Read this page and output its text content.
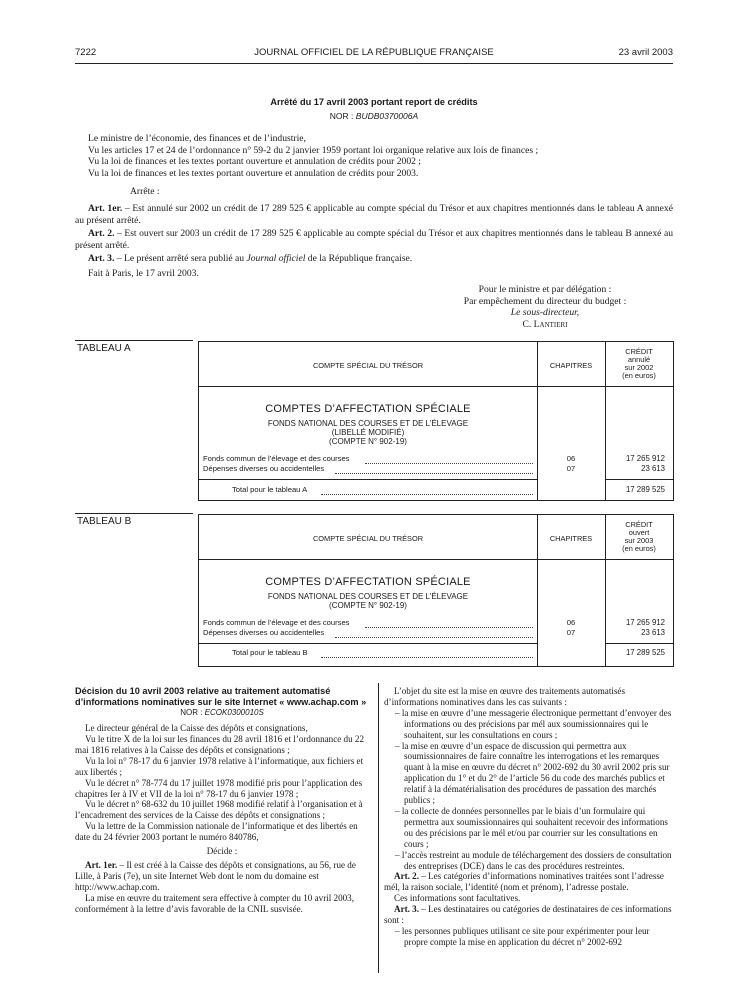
7222	JOURNAL OFFICIEL DE LA RÉPUBLIQUE FRANÇAISE	23 avril 2003
Arrêté du 17 avril 2003 portant report de crédits
NOR : BUDB0370006A
Le ministre de l’économie, des finances et de l’industrie,
Vu les articles 17 et 24 de l’ordonnance n° 59-2 du 2 janvier 1959 portant loi organique relative aux lois de finances ;
Vu la loi de finances et les textes portant ouverture et annulation de crédits pour 2002 ;
Vu la loi de finances et les textes portant ouverture et annulation de crédits pour 2003.
Arrête :
Art. 1er. – Est annulé sur 2002 un crédit de 17 289 525 € applicable au compte spécial du Trésor et aux chapitres mentionnés dans le tableau A annexé au présent arrêté.
Art. 2. – Est ouvert sur 2003 un crédit de 17 289 525 € applicable au compte spécial du Trésor et aux chapitres mentionnés dans le tableau B annexé au présent arrêté.
Art. 3. – Le présent arrêté sera publié au Journal officiel de la République française.
Fait à Paris, le 17 avril 2003.
Pour le ministre et par délégation :
Par empêchement du directeur du budget :
Le sous-directeur,
C. Lantieri
TABLEAU A
COMPTE SPÉCIAL DU TRÉSOR	CHAPITRES
CRÉDIT
annulé
sur 2002
(en euros)
COMPTES D’AFFECTATION SPÉCIALE
FONDS NATIONAL DES COURSES ET DE L’ÉLEVAGE
(LIBELLÉ MODIFIÉ)
(COMPTE N° 902-19)
Fonds commun de l’élevage et des courses	06	17 265 912
Dépenses diverses ou accidentelles	07	23 613
Total pour le tableau A	17 289 525
TABLEAU B
COMPTE SPÉCIAL DU TRÉSOR	CHAPITRES
CRÉDIT
ouvert
sur 2003
(en euros)
COMPTES D’AFFECTATION SPÉCIALE
FONDS NATIONAL DES COURSES ET DE L’ÉLEVAGE
(COMPTE N° 902-19)
Fonds commun de l’élevage et des courses	06	17 265 912
Dépenses diverses ou accidentelles	07	23 613
Total pour le tableau B	17 289 525
Décision du 10 avril 2003 relative au traitement automatisé d’informations nominatives sur le site Internet « www.achap.com »
NOR : ECOK0300010S

Le directeur général de la Caisse des dépôts et consignations,

Vu le titre X de la loi sur les finances du 28 avril 1816 et l’ordonnance du 22 mai 1816 relatives à la Caisse des dépôts et consignations ;

Vu la loi n° 78-17 du 6 janvier 1978 relative à l’informatique, aux fichiers et aux libertés ;

Vu le décret n° 78-774 du 17 juillet 1978 modifié pris pour l’application des chapitres Ier à IV et VII de la loi n° 78-17 du 6 janvier 1978 ;

Vu le décret n° 68-632 du 10 juillet 1968 modifié relatif à l’organisation et à l’encadrement des services de la Caisse des dépôts et consignations ;

Vu la lettre de la Commission nationale de l’informatique et des libertés en date du 24 février 2003 portant le numéro 840786,

Décide :

Art. 1er. – Il est créé à la Caisse des dépôts et consignations, au 56, rue de Lille, à Paris (7e), un site Internet Web dont le nom du domaine est http://www.achap.com.

La mise en œuvre du traitement sera effective à compter du 10 avril 2003, conformément à la lettre d’avis favorable de la CNIL susvisée.

L’objet du site est la mise en œuvre des traitements automatisés d’informations nominatives dans les cas suivants :

– la mise en œuvre d’une messagerie électronique permettant d’envoyer des informations ou des précisions par mél aux soumissionnaires qui le souhaitent, sur les consultations en cours ;

– la mise en œuvre d’un espace de discussion qui permettra aux soumissionnaires de faire connaître les interrogations et les remarques quant à la mise en œuvre du décret n° 2002-692 du 30 avril 2002 pris sur application du 1° et du 2° de l’article 56 du code des marchés publics et relatif à la dématérialisation des procédures de passation des marchés publics ;

– la collecte de données personnelles par le biais d’un formulaire qui permettra aux soumissionnaires qui souhaitent recevoir des informations ou des précisions par le mél et/ou par courrier sur les consultations en cours ;

– l’accès restreint au module de téléchargement des dossiers de consultation des entreprises (DCE) dans le cas des procédures restreintes.

Art. 2. – Les catégories d’informations nominatives traitées sont l’adresse mél, la raison sociale, l’identité (nom et prénom), l’adresse postale.

Ces informations sont facultatives.

Art. 3. – Les destinataires ou catégories de destinataires de ces informations sont :

– les personnes publiques utilisant ce site pour expérimenter pour leur propre compte la mise en application du décret n° 2002-692
